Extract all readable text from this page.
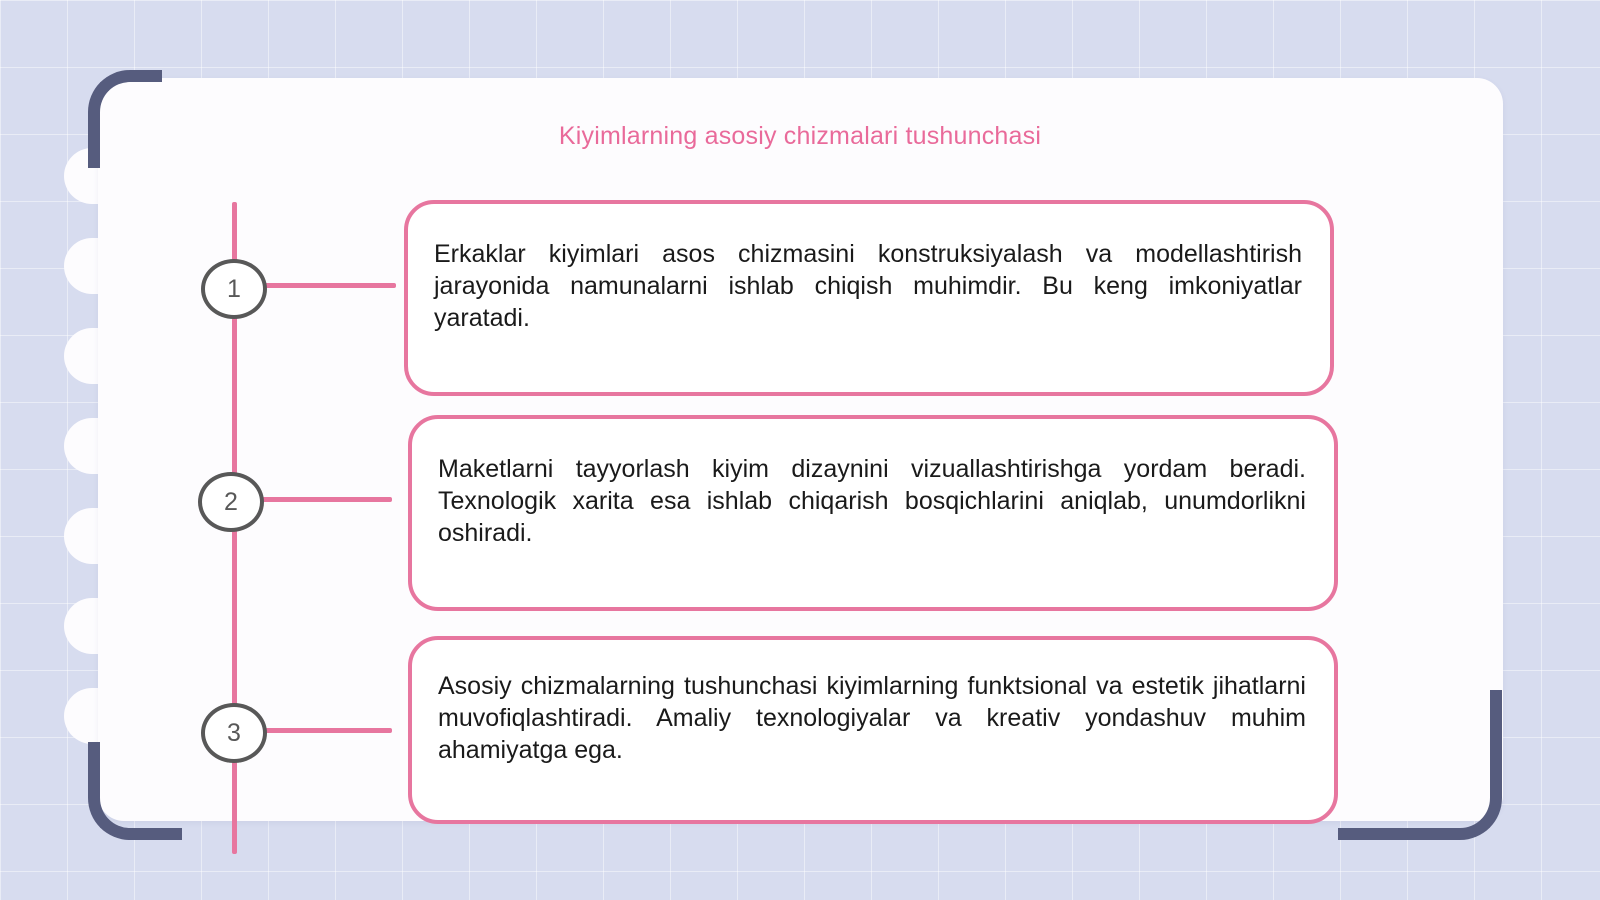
Kiyimlarning asosiy chizmalari tushunchasi
1
Erkaklar kiyimlari asos chizmasini konstruksiyalash va modellashtirish jarayonida namunalarni ishlab chiqish muhimdir. Bu keng imkoniyatlar yaratadi.
2
Maketlarni tayyorlash kiyim dizaynini vizuallashtirishga yordam beradi. Texnologik xarita esa ishlab chiqarish bosqichlarini aniqlab, unumdorlikni oshiradi.
3
Asosiy chizmalarning tushunchasi kiyimlarning funktsional va estetik jihatlarni muvofiqlashtiradi. Amaliy texnologiyalar va kreativ yondashuv muhim ahamiyatga ega.
